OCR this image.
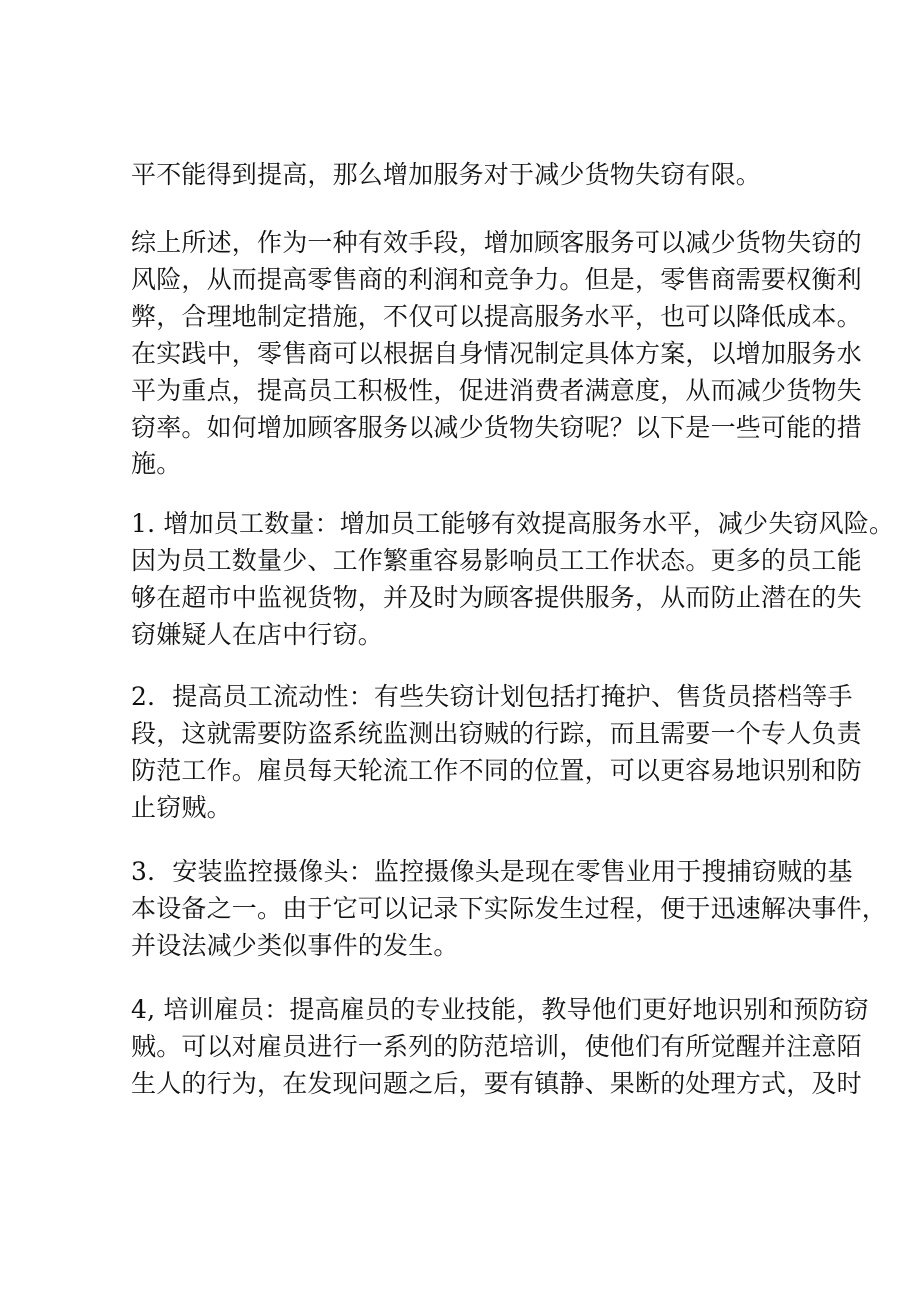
平不能得到提高，那么增加服务对于减少货物失窃有限。

综上所述，作为一种有效手段，增加顾客服务可以减少货物失窃的

风险，从而提高零售商的利润和竞争力。但是，零售商需要权衡利

弊，合理地制定措施，不仅可以提高服务水平，也可以降低成本。

在实践中，零售商可以根据自身情况制定具体方案，以增加服务水

平为重点，提高员工积极性，促进消费者满意度，从而减少货物失

窃率。如何增加顾客服务以减少货物失窃呢？以下是一些可能的措

施。

1. 增加员工数量：增加员工能够有效提高服务水平，减少失窃风险。

因为员工数量少、工作繁重容易影响员工工作状态。更多的员工能

够在超市中监视货物，并及时为顾客提供服务，从而防止潜在的失

窃嫌疑人在店中行窃。

2．提高员工流动性：有些失窃计划包括打掩护、售货员搭档等手

段，这就需要防盗系统监测出窃贼的行踪，而且需要一个专人负责

防范工作。雇员每天轮流工作不同的位置，可以更容易地识别和防

止窃贼。

3．安装监控摄像头：监控摄像头是现在零售业用于搜捕窃贼的基

本设备之一。由于它可以记录下实际发生过程，便于迅速解决事件，

并设法减少类似事件的发生。

4, 培训雇员：提高雇员的专业技能，教导他们更好地识别和预防窃

贼。可以对雇员进行一系列的防范培训，使他们有所觉醒并注意陌

生人的行为，在发现问题之后，要有镇静、果断的处理方式，及时
